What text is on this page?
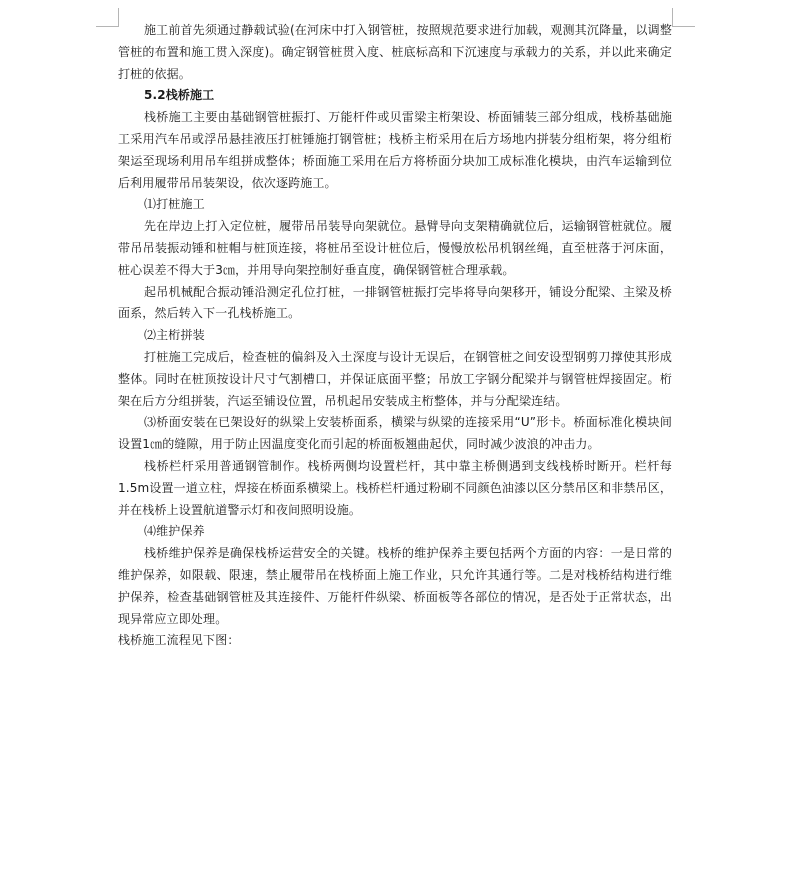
施工前首先须通过静载试验(在河床中打入钢管桩，按照规范要求进行加载，观测其沉降量，以调整管桩的布置和施工贯入深度)。确定钢管桩贯入度、桩底标高和下沉速度与承载力的关系，并以此来确定打桩的依据。

5.2栈桥施工

栈桥施工主要由基础钢管桩振打、万能杆件或贝雷梁主桁架设、桥面铺装三部分组成，栈桥基础施工采用汽车吊或浮吊悬挂液压打桩锤施打钢管桩；栈桥主桁采用在后方场地内拼装分组桁架，将分组桁架运至现场利用吊车组拼成整体；桥面施工采用在后方将桥面分块加工成标准化模块，由汽车运输到位后利用履带吊吊装架设，依次逐跨施工。

⑴打桩施工

先在岸边上打入定位桩，履带吊吊装导向架就位。悬臂导向支架精确就位后，运输钢管桩就位。履带吊吊装振动锤和桩帽与桩顶连接，将桩吊至设计桩位后，慢慢放松吊机钢丝绳，直至桩落于河床面，桩心误差不得大于3㎝，并用导向架控制好垂直度，确保钢管桩合理承载。

起吊机械配合振动锤沿测定孔位打桩，一排钢管桩振打完毕将导向架移开，铺设分配梁、主梁及桥面系，然后转入下一孔栈桥施工。

⑵主桁拼装

打桩施工完成后，检查桩的偏斜及入土深度与设计无误后，在钢管桩之间安设型钢剪刀撑使其形成整体。同时在桩顶按设计尺寸气割槽口，并保证底面平整；吊放工字钢分配梁并与钢管桩焊接固定。桁架在后方分组拼装，汽运至铺设位置，吊机起吊安装成主桁整体，并与分配梁连结。

⑶桥面安装在已架设好的纵梁上安装桥面系，横梁与纵梁的连接采用“U”形卡。桥面标准化模块间设置1㎝的缝隙，用于防止因温度变化而引起的桥面板翘曲起伏，同时减少波浪的冲击力。

栈桥栏杆采用普通钢管制作。栈桥两侧均设置栏杆，其中靠主桥侧遇到支线栈桥时断开。栏杆每1.5m设置一道立柱，焊接在桥面系横梁上。栈桥栏杆通过粉刷不同颜色油漆以区分禁吊区和非禁吊区，并在栈桥上设置航道警示灯和夜间照明设施。

⑷维护保养

栈桥维护保养是确保栈桥运营安全的关键。栈桥的维护保养主要包括两个方面的内容：一是日常的维护保养，如限载、限速，禁止履带吊在栈桥面上施工作业，只允许其通行等。二是对栈桥结构进行维护保养，检查基础钢管桩及其连接件、万能杆件纵梁、桥面板等各部位的情况，是否处于正常状态，出现异常应立即处理。

栈桥施工流程见下图：
